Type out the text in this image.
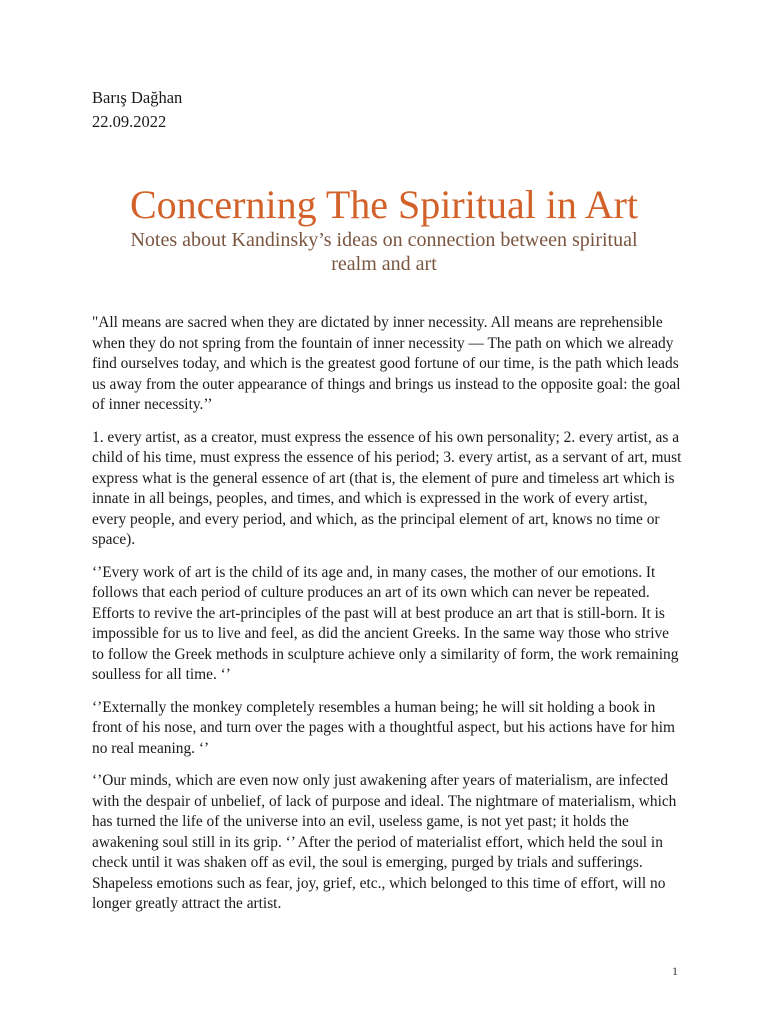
Barış Dağhan
22.09.2022
Concerning The Spiritual in Art
Notes about Kandinsky’s ideas on connection between spiritual realm and art

"All means are sacred when they are dictated by inner necessity. All means are reprehensible when they do not spring from the fountain of inner necessity — The path on which we already find ourselves today, and which is the greatest good fortune of our time, is the path which leads us away from the outer appearance of things and brings us instead to the opposite goal: the goal of inner necessity.’’

1. every artist, as a creator, must express the essence of his own personality; 2. every artist, as a child of his time, must express the essence of his period; 3. every artist, as a servant of art, must express what is the general essence of art (that is, the element of pure and timeless art which is innate in all beings, peoples, and times, and which is expressed in the work of every artist, every people, and every period, and which, as the principal element of art, knows no time or space).

‘’Every work of art is the child of its age and, in many cases, the mother of our emotions. It follows that each period of culture produces an art of its own which can never be repeated. Efforts to revive the art-principles of the past will at best produce an art that is still-born. It is impossible for us to live and feel, as did the ancient Greeks. In the same way those who strive to follow the Greek methods in sculpture achieve only a similarity of form, the work remaining soulless for all time. ‘’

‘’Externally the monkey completely resembles a human being; he will sit holding a book in front of his nose, and turn over the pages with a thoughtful aspect, but his actions have for him no real meaning. ‘’

‘’Our minds, which are even now only just awakening after years of materialism, are infected with the despair of unbelief, of lack of purpose and ideal. The nightmare of materialism, which has turned the life of the universe into an evil, useless game, is not yet past; it holds the awakening soul still in its grip. ‘’ After the period of materialist effort, which held the soul in check until it was shaken off as evil, the soul is emerging, purged by trials and sufferings. Shapeless emotions such as fear, joy, grief, etc., which belonged to this time of effort, will no longer greatly attract the artist.

1
